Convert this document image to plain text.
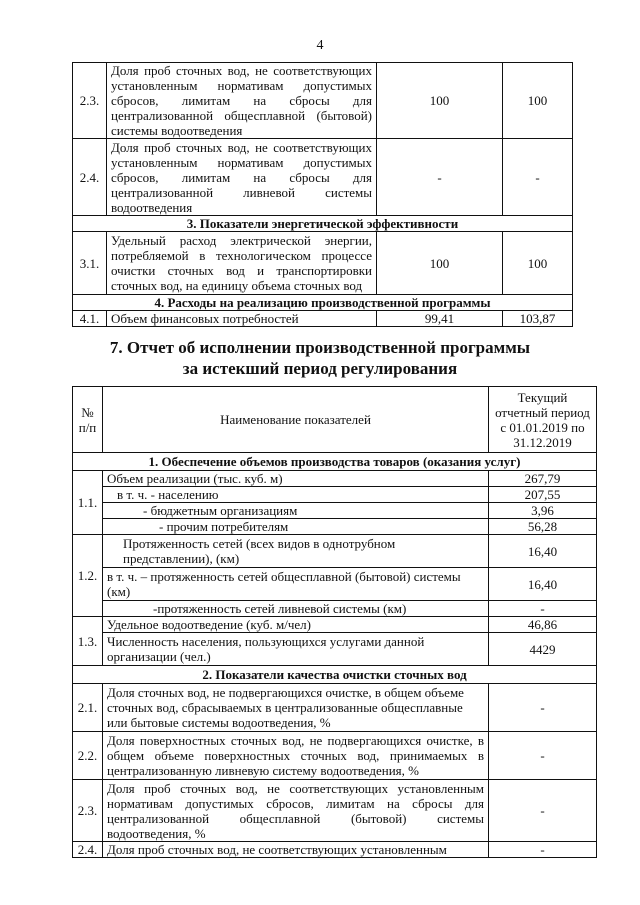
4
2.3.	Доля проб сточных вод, не соответствующих установленным нормативам допустимых сбросов, лимитам на сбросы для централизованной общесплавной (бытовой) системы водоотведения	100	100
2.4.	Доля проб сточных вод, не соответствующих установленным нормативам допустимых сбросов, лимитам на сбросы для централизованной ливневой системы водоотведения	-	-
3. Показатели энергетической эффективности			
3.1.	Удельный расход электрической энергии, потребляемой в технологическом процессе очистки сточных вод и транспортировки сточных вод, на единицу объема сточных вод	100	100
4. Расходы на реализацию производственной программы			
4.1.	Объем финансовых потребностей	99,41	103,87
7. Отчет об исполнении производственной программы
за истекший период регулирования
№ п/п	Наименование показателей	Текущий отчетный период с 01.01.2019 по 31.12.2019
1. Обеспечение объемов производства товаров (оказания услуг)		
1.1.	Объем реализации (тыс. куб. м)	267,79
	в т. ч. - населению	207,55
	- бюджетным организациям	3,96
	- прочим потребителям	56,28
1.2.	Протяженность сетей (всех видов в однотрубном представлении), (км)	16,40
	в т. ч. – протяженность сетей общесплавной (бытовой) системы (км)	16,40
	-протяженность сетей ливневой системы (км)	-
1.3.	Удельное водоотведение (куб. м/чел)	46,86
	Численность населения, пользующихся услугами данной организации (чел.)	4429
2. Показатели качества очистки сточных вод		
2.1.	Доля сточных вод, не подвергающихся очистке, в общем объеме сточных вод, сбрасываемых в централизованные общесплавные или бытовые системы водоотведения, %	-
2.2.	Доля поверхностных сточных вод, не подвергающихся очистке, в общем объеме поверхностных сточных вод, принимаемых в централизованную ливневую систему водоотведения, %	-
2.3.	Доля проб сточных вод, не соответствующих установленным нормативам допустимых сбросов, лимитам на сбросы для централизованной общесплавной (бытовой) системы водоотведения, %	-
2.4.	Доля проб сточных вод, не соответствующих установленным	-
